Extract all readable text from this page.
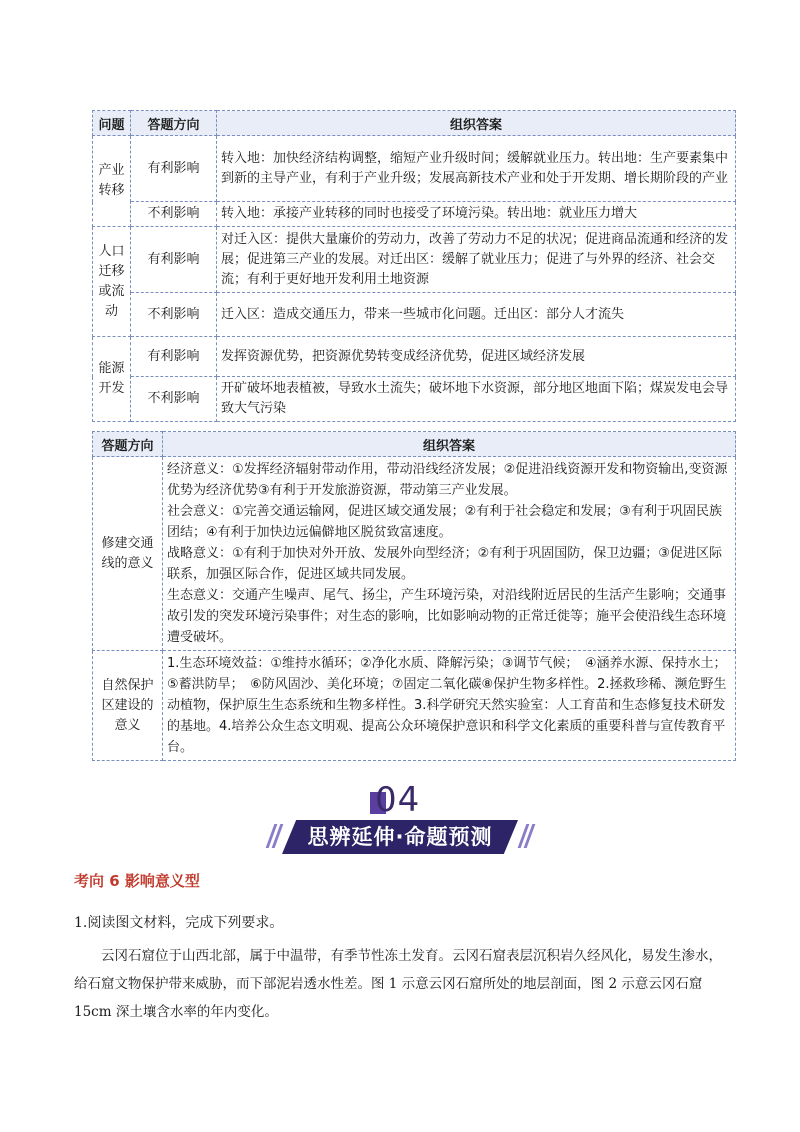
问题	答题方向	组织答案
产业转移	有利影响	转入地：加快经济结构调整，缩短产业升级时间；缓解就业压力。转出地：生产要素集中到新的主导产业，有利于产业升级；发展高新技术产业和处于开发期、增长期阶段的产业
	不利影响	转入地：承接产业转移的同时也接受了环境污染。转出地：就业压力增大
人口迁移或流动	有利影响	对迁入区：提供大量廉价的劳动力，改善了劳动力不足的状况；促进商品流通和经济的发展；促进第三产业的发展。对迁出区：缓解了就业压力；促进了与外界的经济、社会交流；有利于更好地开发利用土地资源
	不利影响	迁入区：造成交通压力，带来一些城市化问题。迁出区：部分人才流失
能源开发	有利影响	发挥资源优势，把资源优势转变成经济优势，促进区域经济发展
	不利影响	开矿破坏地表植被，导致水土流失；破坏地下水资源，部分地区地面下陷；煤炭发电会导致大气污染
答题方向	组织答案
修建交通线的意义	经济意义：①发挥经济辐射带动作用，带动沿线经济发展；②促进沿线资源开发和物资输出,变资源优势为经济优势③有利于开发旅游资源，带动第三产业发展。
社会意义：①完善交通运输网，促进区域交通发展；②有利于社会稳定和发展；③有利于巩固民族团结；④有利于加快边远偏僻地区脱贫致富速度。
战略意义：①有利于加快对外开放、发展外向型经济；②有利于巩固国防，保卫边疆；③促进区际联系，加强区际合作，促进区域共同发展。
生态意义：交通产生噪声、尾气、扬尘，产生环境污染，对沿线附近居民的生活产生影响；交通事故引发的突发环境污染事件；对生态的影响，比如影响动物的正常迁徙等；施平会使沿线生态环境遭受破坏。

自然保护区建设的意义	1.生态环境效益：①维持水循环；②净化水质、降解污染；③调节气候；　④涵养水源、保持水土；⑤蓄洪防旱；　⑥防风固沙、美化环境；⑦固定二氧化碳⑧保护生物多样性。2.拯救珍稀、濒危野生动植物，保护原生生态系统和生物多样性。3.科学研究天然实验室：人工育苗和生态修复技术研发的基地。4.培养公众生态文明观、提高公众环境保护意识和科学文化素质的重要科普与宣传教育平台。
04
思辨延伸·命题预测
考向 6 影响意义型
1.阅读图文材料，完成下列要求。
云冈石窟位于山西北部，属于中温带，有季节性冻土发育。云冈石窟表层沉积岩久经风化，易发生渗水，给石窟文物保护带来威胁，而下部泥岩透水性差。图 1 示意云冈石窟所处的地层剖面，图 2 示意云冈石窟 15cm 深土壤含水率的年内变化。
